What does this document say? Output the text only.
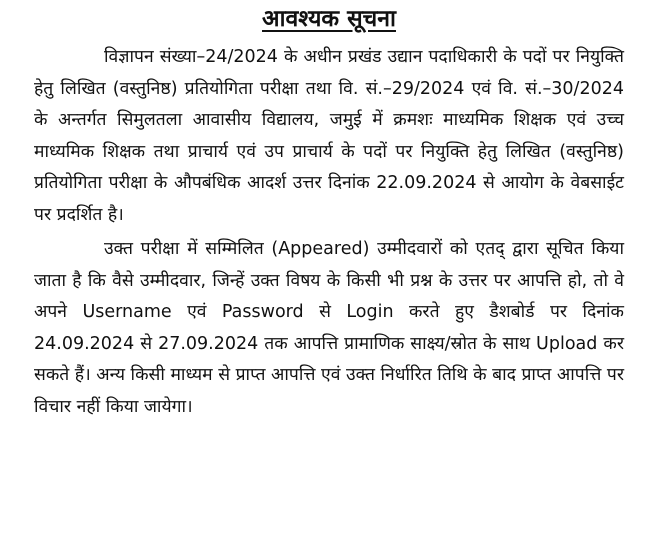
आवश्यक सूचना

विज्ञापन संख्या–24/2024 के अधीन प्रखंड उद्यान पदाधिकारी के पदों पर नियुक्ति हेतु लिखित (वस्तुनिष्ठ) प्रतियोगिता परीक्षा तथा वि. सं.–29/2024 एवं वि. सं.–30/2024 के अन्तर्गत सिमुलतला आवासीय विद्यालय, जमुई में क्रमशः माध्यमिक शिक्षक एवं उच्च माध्यमिक शिक्षक तथा प्राचार्य एवं उप प्राचार्य के पदों पर नियुक्ति हेतु लिखित (वस्तुनिष्ठ) प्रतियोगिता परीक्षा के औपबंधिक आदर्श उत्तर दिनांक 22.09.2024 से आयोग के वेबसाईट पर प्रदर्शित है।

उक्त परीक्षा में सम्मिलित (Appeared) उम्मीदवारों को एतद् द्वारा सूचित किया जाता है कि वैसे उम्मीदवार, जिन्हें उक्त विषय के किसी भी प्रश्न के उत्तर पर आपत्ति हो, तो वे अपने Username एवं Password से Login करते हुए डैशबोर्ड पर दिनांक 24.09.2024 से 27.09.2024 तक आपत्ति प्रामाणिक साक्ष्य/स्रोत के साथ Upload कर सकते हैं। अन्य किसी माध्यम से प्राप्त आपत्ति एवं उक्त निर्धारित तिथि के बाद प्राप्त आपत्ति पर विचार नहीं किया जायेगा।
